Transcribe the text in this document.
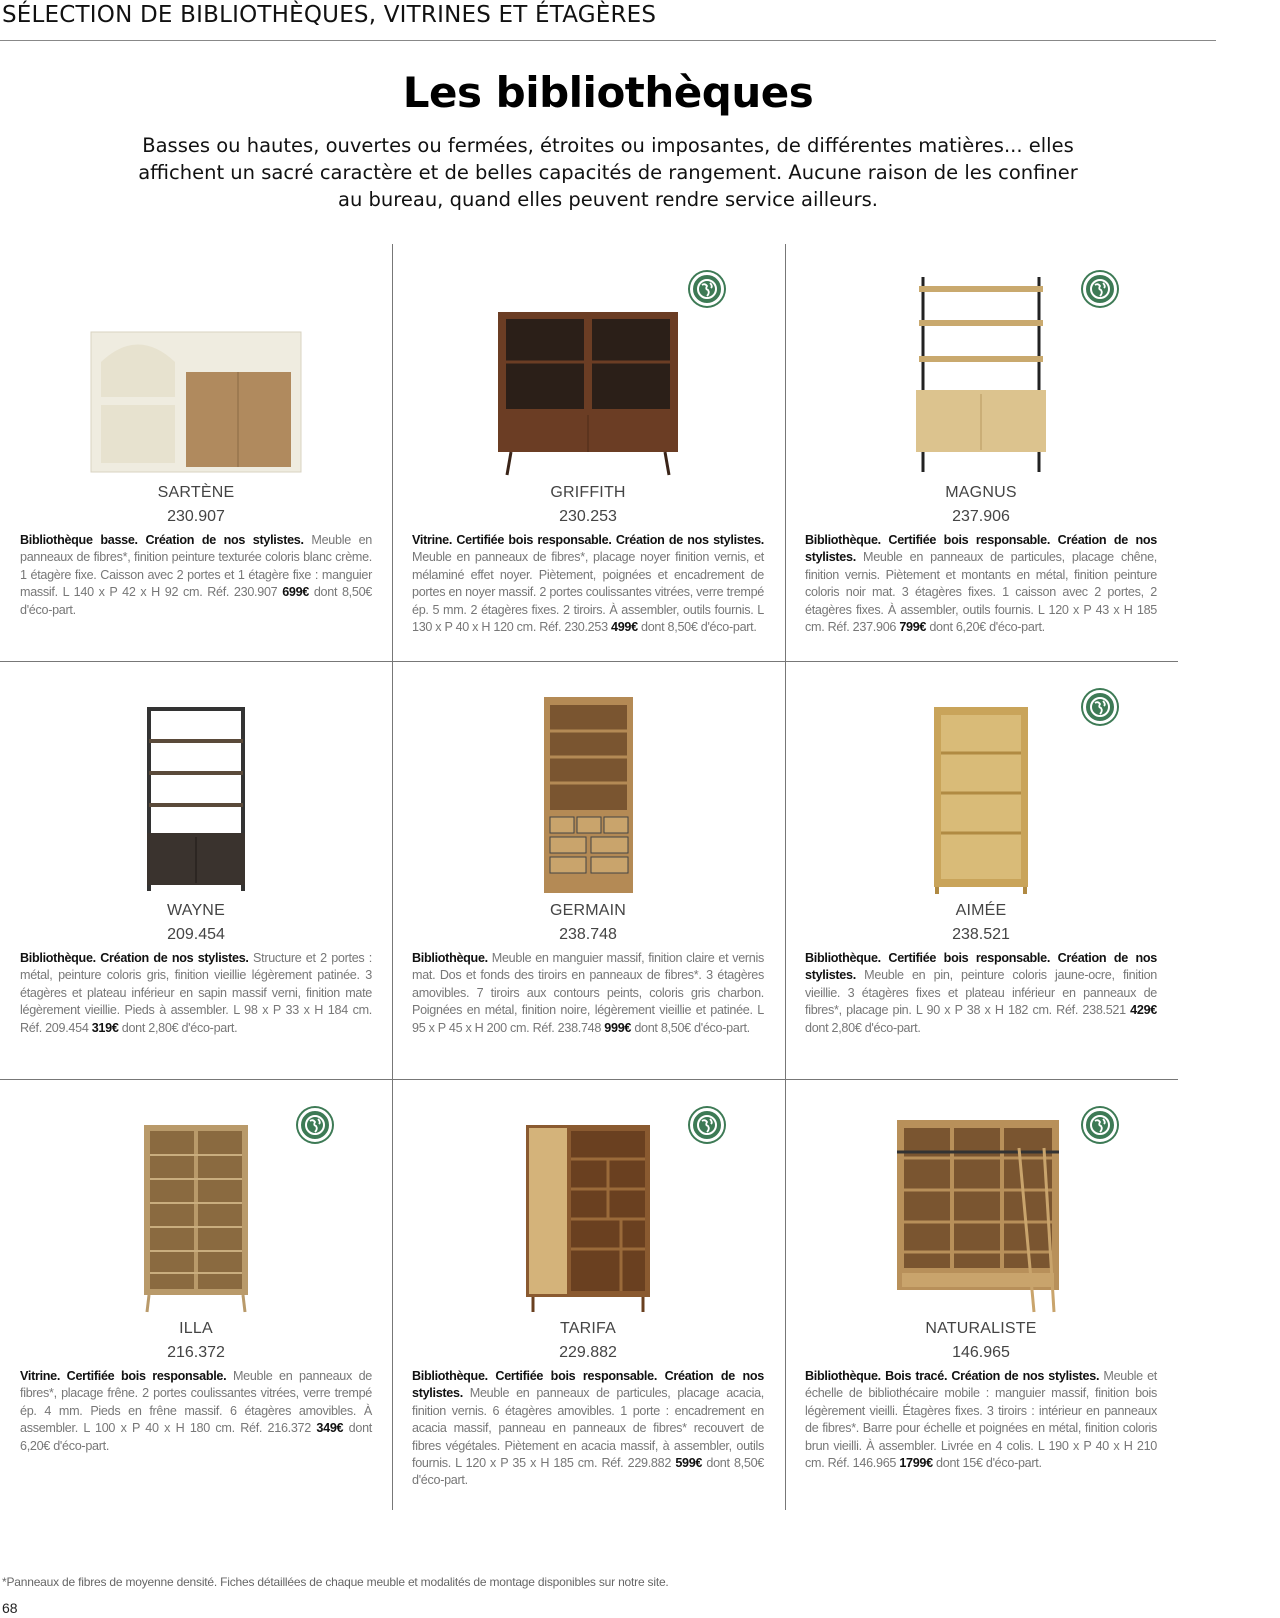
SÉLECTION DE BIBLIOTHÈQUES, VITRINES ET ÉTAGÈRES
Les bibliothèques

Basses ou hautes, ouvertes ou fermées, étroites ou imposantes, de différentes matières... elles affichent un sacré caractère et de belles capacités de rangement. Aucune raison de les confiner au bureau, quand elles peuvent rendre service ailleurs.

SARTÈNE
230.907
Bibliothèque basse. Création de nos stylistes. Meuble en panneaux de fibres*, finition peinture texturée coloris blanc crème. 1 étagère fixe. Caisson avec 2 portes et 1 étagère fixe : manguier massif. L 140 x P 42 x H 92 cm. Réf. 230.907 699€ dont 8,50€ d'éco-part.
GRIFFITH
230.253
Vitrine. Certifiée bois responsable. Création de nos stylistes. Meuble en panneaux de fibres*, placage noyer finition vernis, et mélaminé effet noyer. Piètement, poignées et encadrement de portes en noyer massif. 2 portes coulissantes vitrées, verre trempé ép. 5 mm. 2 étagères fixes. 2 tiroirs. À assembler, outils fournis. L 130 x P 40 x H 120 cm. Réf. 230.253 499€ dont 8,50€ d'éco-part.
MAGNUS
237.906
Bibliothèque. Certifiée bois responsable. Création de nos stylistes. Meuble en panneaux de particules, placage chêne, finition vernis. Piètement et montants en métal, finition peinture coloris noir mat. 3 étagères fixes. 1 caisson avec 2 portes, 2 étagères fixes. À assembler, outils fournis. L 120 x P 43 x H 185 cm. Réf. 237.906 799€ dont 6,20€ d'éco-part.
WAYNE
209.454
Bibliothèque. Création de nos stylistes. Structure et 2 portes : métal, peinture coloris gris, finition vieillie légèrement patinée. 3 étagères et plateau inférieur en sapin massif verni, finition mate légèrement vieillie. Pieds à assembler. L 98 x P 33 x H 184 cm. Réf. 209.454 319€ dont 2,80€ d'éco-part.
GERMAIN
238.748
Bibliothèque. Meuble en manguier massif, finition claire et vernis mat. Dos et fonds des tiroirs en panneaux de fibres*. 3 étagères amovibles. 7 tiroirs aux contours peints, coloris gris charbon. Poignées en métal, finition noire, légèrement vieillie et patinée. L 95 x P 45 x H 200 cm. Réf. 238.748 999€ dont 8,50€ d'éco-part.
AIMÉE
238.521
Bibliothèque. Certifiée bois responsable. Création de nos stylistes. Meuble en pin, peinture coloris jaune-ocre, finition vieillie. 3 étagères fixes et plateau inférieur en panneaux de fibres*, placage pin. L 90 x P 38 x H 182 cm. Réf. 238.521 429€ dont 2,80€ d'éco-part.
ILLA
216.372
Vitrine. Certifiée bois responsable. Meuble en panneaux de fibres*, placage frêne. 2 portes coulissantes vitrées, verre trempé ép. 4 mm. Pieds en frêne massif. 6 étagères amovibles. À assembler. L 100 x P 40 x H 180 cm. Réf. 216.372 349€ dont 6,20€ d'éco-part.
TARIFA
229.882
Bibliothèque. Certifiée bois responsable. Création de nos stylistes. Meuble en panneaux de particules, placage acacia, finition vernis. 6 étagères amovibles. 1 porte : encadrement en acacia massif, panneau en panneaux de fibres* recouvert de fibres végétales. Piètement en acacia massif, à assembler, outils fournis. L 120 x P 35 x H 185 cm. Réf. 229.882 599€ dont 8,50€ d'éco-part.
NATURALISTE
146.965
Bibliothèque. Bois tracé. Création de nos stylistes. Meuble et échelle de bibliothécaire mobile : manguier massif, finition bois légèrement vieilli. Étagères fixes. 3 tiroirs : intérieur en panneaux de fibres*. Barre pour échelle et poignées en métal, finition coloris brun vieilli. À assembler. Livrée en 4 colis. L 190 x P 40 x H 210 cm. Réf. 146.965 1799€ dont 15€ d'éco-part.
*Panneaux de fibres de moyenne densité. Fiches détaillées de chaque meuble et modalités de montage disponibles sur notre site.
68
